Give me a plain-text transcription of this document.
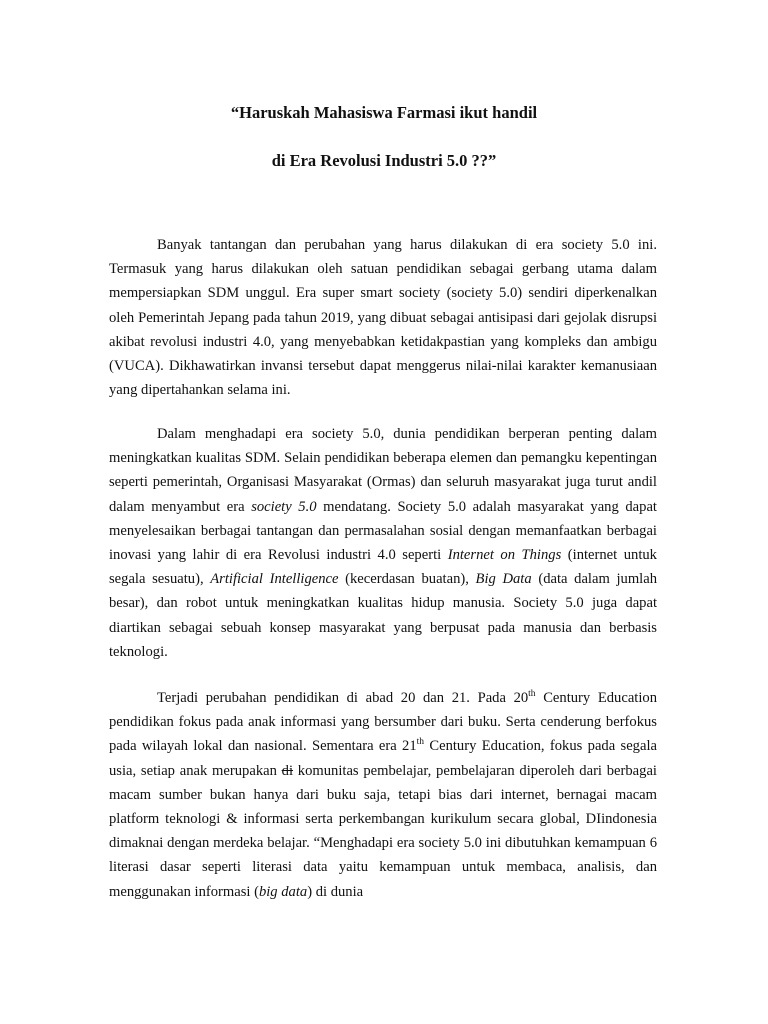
“Haruskah Mahasiswa Farmasi ikut handil
di Era Revolusi Industri 5.0 ??”

Banyak tantangan dan perubahan yang harus dilakukan di era society 5.0 ini. Termasuk yang harus dilakukan oleh satuan pendidikan sebagai gerbang utama dalam mempersiapkan SDM unggul. Era super smart society (society 5.0) sendiri diperkenalkan oleh Pemerintah Jepang pada tahun 2019, yang dibuat sebagai antisipasi dari gejolak disrupsi akibat revolusi industri 4.0, yang menyebabkan ketidakpastian yang kompleks dan ambigu (VUCA). Dikhawatirkan invansi tersebut dapat menggerus nilai-nilai karakter kemanusiaan yang dipertahankan selama ini.

Dalam menghadapi era society 5.0, dunia pendidikan berperan penting dalam meningkatkan kualitas SDM. Selain pendidikan beberapa elemen dan pemangku kepentingan seperti pemerintah, Organisasi Masyarakat (Ormas) dan seluruh masyarakat juga turut andil dalam menyambut era society 5.0 mendatang. Society 5.0 adalah masyarakat yang dapat menyelesaikan berbagai tantangan dan permasalahan sosial dengan memanfaatkan berbagai inovasi yang lahir di era Revolusi industri 4.0 seperti Internet on Things (internet untuk segala sesuatu), Artificial Intelligence (kecerdasan buatan), Big Data (data dalam jumlah besar), dan robot untuk meningkatkan kualitas hidup manusia. Society 5.0 juga dapat diartikan sebagai sebuah konsep masyarakat yang berpusat pada manusia dan berbasis teknologi.

Terjadi perubahan pendidikan di abad 20 dan 21. Pada 20th Century Education pendidikan fokus pada anak informasi yang bersumber dari buku. Serta cenderung berfokus pada wilayah lokal dan nasional. Sementara era 21th Century Education, fokus pada segala usia, setiap anak merupakan di komunitas pembelajar, pembelajaran diperoleh dari berbagai macam sumber bukan hanya dari buku saja, tetapi bias dari internet, bernagai macam platform teknologi & informasi serta perkembangan kurikulum secara global, DIindonesia dimaknai dengan merdeka belajar. “Menghadapi era society 5.0 ini dibutuhkan kemampuan 6 literasi dasar seperti literasi data yaitu kemampuan untuk membaca, analisis, dan menggunakan informasi (big data) di dunia
